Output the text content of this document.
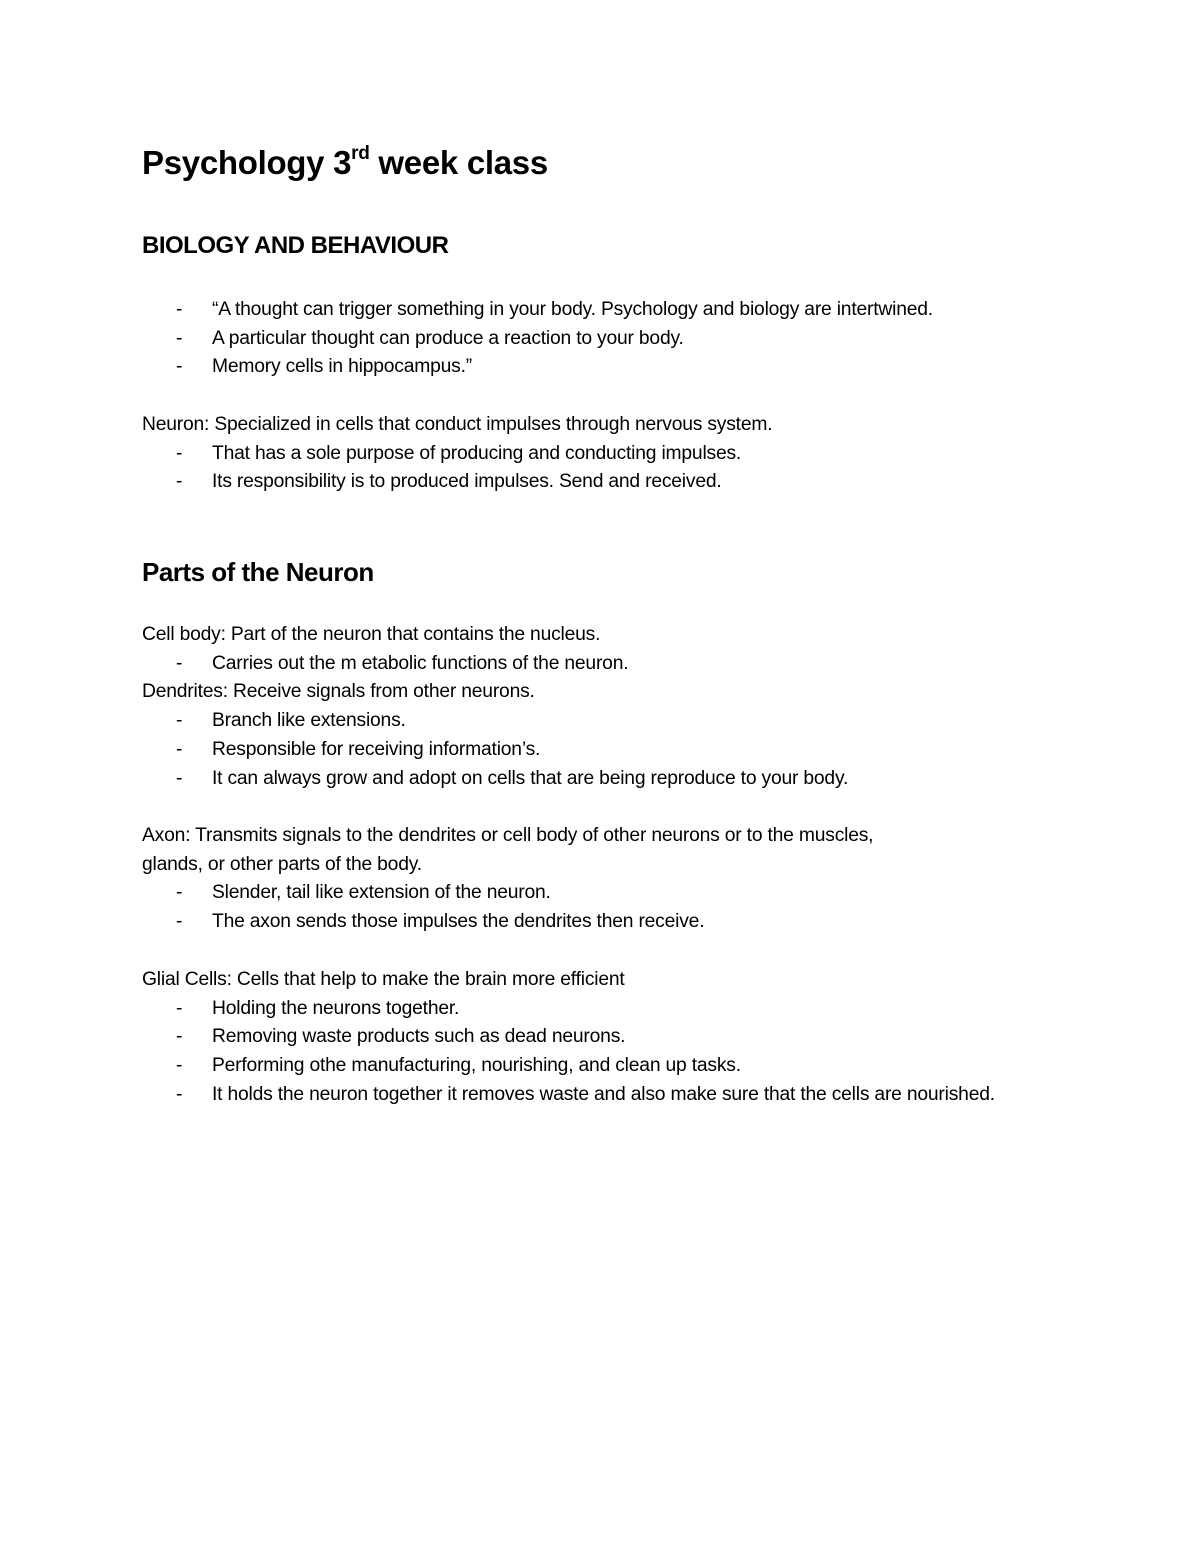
Psychology 3rd week class
BIOLOGY AND BEHAVIOUR
- “A thought can trigger something in your body. Psychology and biology are intertwined.
- A particular thought can produce a reaction to your body.
- Memory cells in hippocampus.”
Neuron: Specialized in cells that conduct impulses through nervous system.
- That has a sole purpose of producing and conducting impulses.
- Its responsibility is to produced impulses. Send and received.
Parts of the Neuron
Cell body: Part of the neuron that contains the nucleus.
- Carries out the m etabolic functions of the neuron.
Dendrites: Receive signals from other neurons.
- Branch like extensions.
- Responsible for receiving information’s.
- It can always grow and adopt on cells that are being reproduce to your body.
Axon: Transmits signals to the dendrites or cell body of other neurons or to the muscles,
glands, or other parts of the body.
- Slender, tail like extension of the neuron.
- The axon sends those impulses the dendrites then receive.
Glial Cells: Cells that help to make the brain more efficient
- Holding the neurons together.
- Removing waste products such as dead neurons.
- Performing othe manufacturing, nourishing, and clean up tasks.
- It holds the neuron together it removes waste and also make sure that the cells are nourished.
